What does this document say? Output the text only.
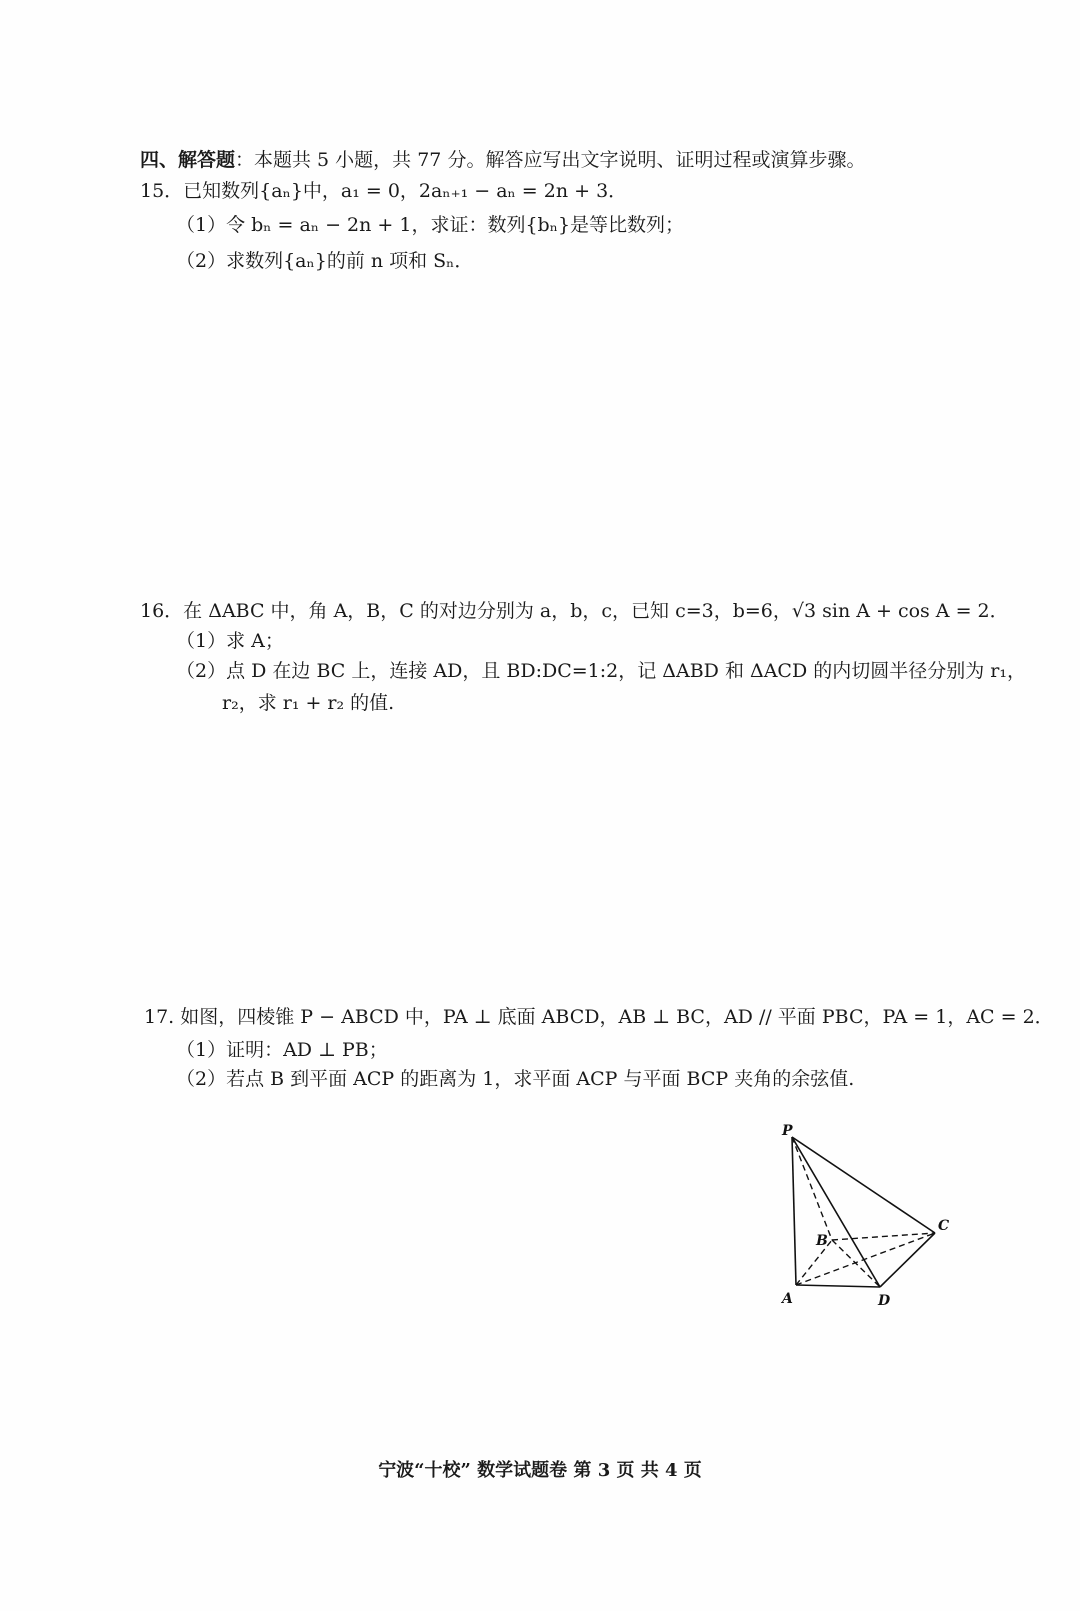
四、解答题：本题共 5 小题，共 77 分。解答应写出文字说明、证明过程或演算步骤。
15．已知数列{aₙ}中，a₁ = 0，2aₙ₊₁ − aₙ = 2n + 3．
（1）令 bₙ = aₙ − 2n + 1，求证：数列{bₙ}是等比数列；
（2）求数列{aₙ}的前 n 项和 Sₙ．
16．在 ΔABC 中，角 A，B，C 的对边分别为 a，b，c，已知 c=3，b=6，√3 sin A + cos A = 2．
（1）求 A；
（2）点 D 在边 BC 上，连接 AD，且 BD:DC=1:2，记 ΔABD 和 ΔACD 的内切圆半径分别为 r₁，
r₂，求 r₁ + r₂ 的值.
17. 如图，四棱锥 P − ABCD 中，PA ⊥ 底面 ABCD，AB ⊥ BC，AD // 平面 PBC，PA = 1，AC = 2．
（1）证明：AD ⊥ PB；
（2）若点 B 到平面 ACP 的距离为 1，求平面 ACP 与平面 BCP 夹角的余弦值.
P
B
C
A	D
宁波“十校” 数学试题卷 第 3 页 共 4 页
